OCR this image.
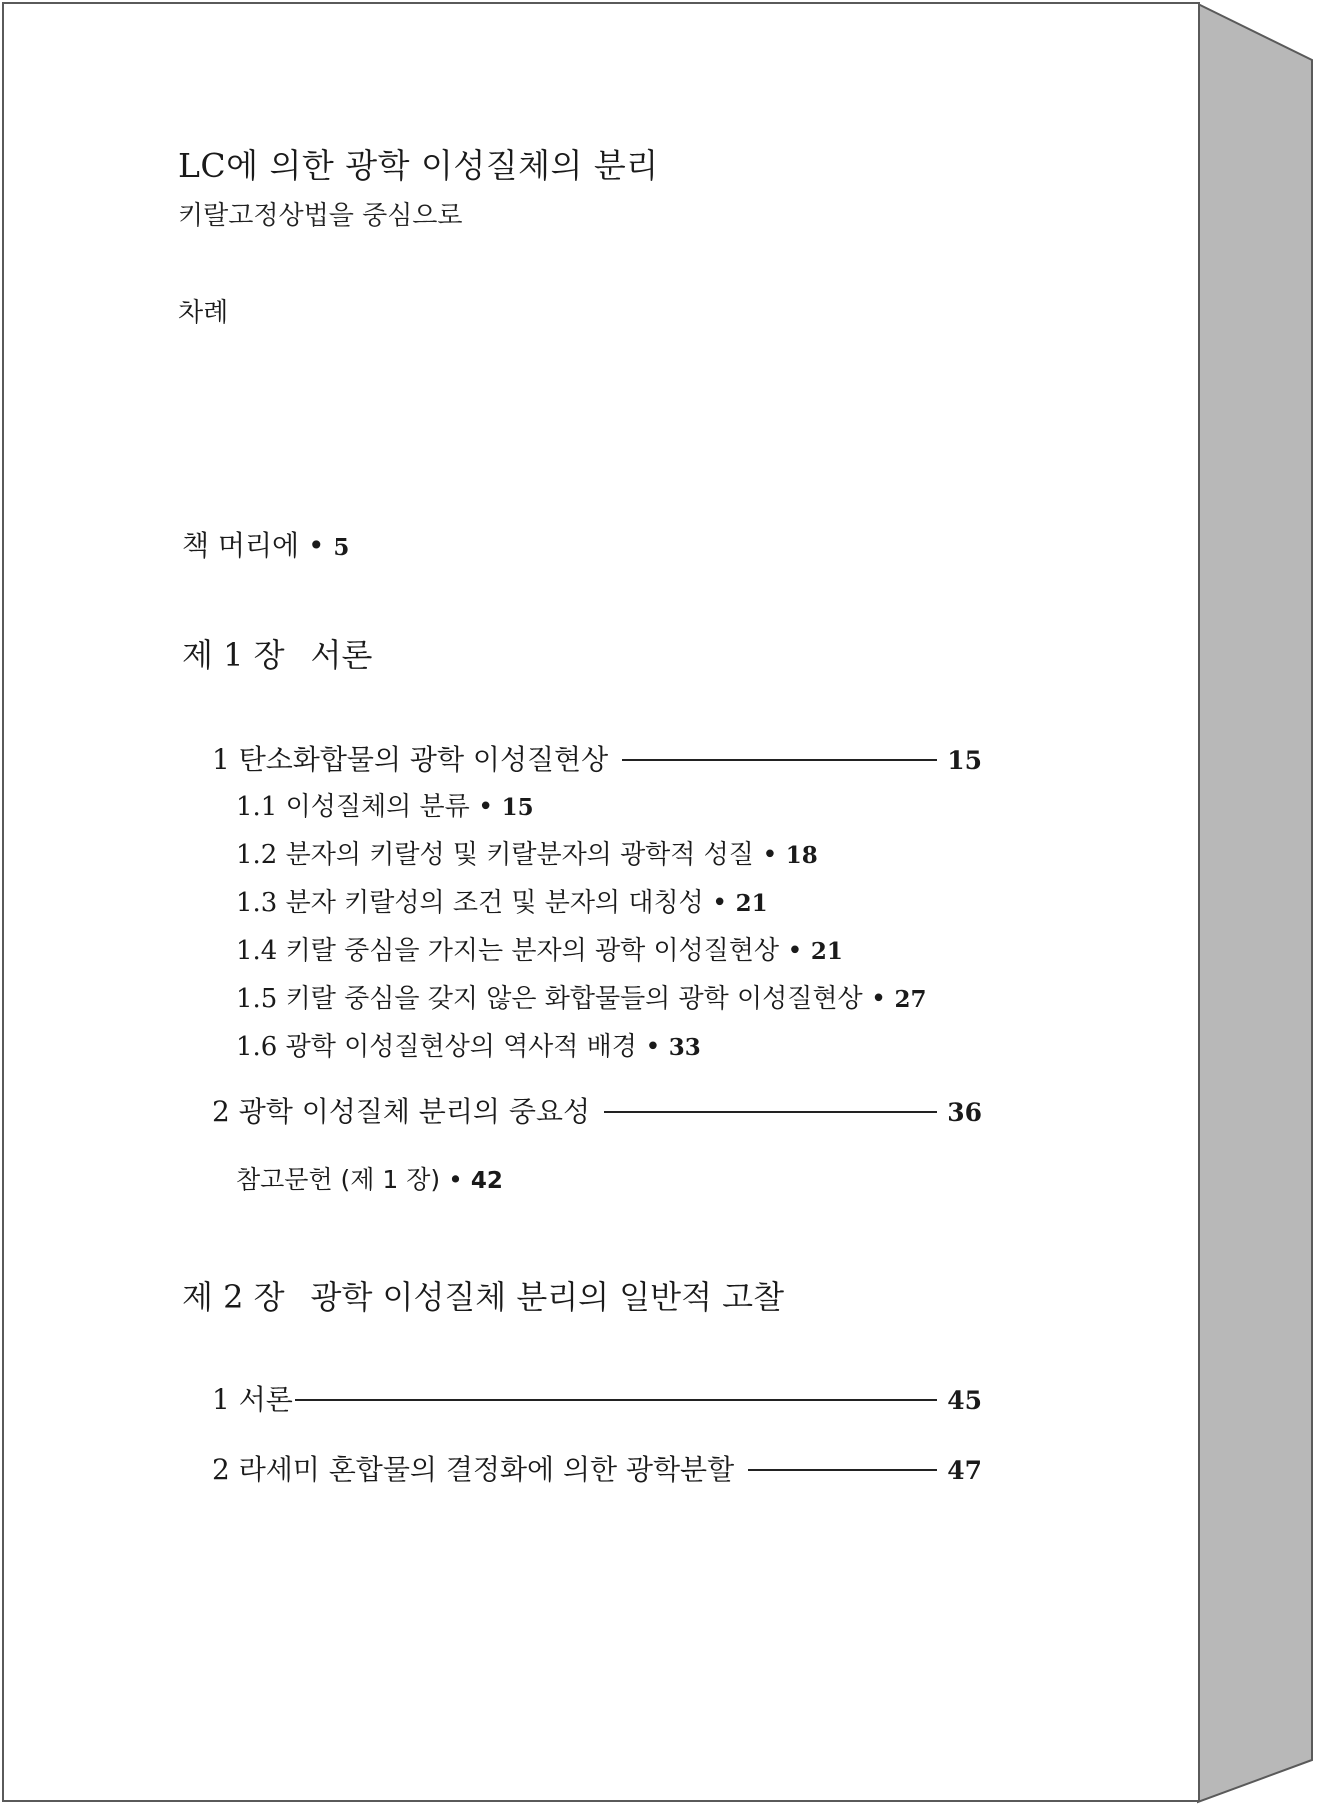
LC에 의한 광학 이성질체의 분리

키랄고정상법을 중심으로

차례

책 머리에 • 5

제 1 장 서론
1 탄소화합물의 광학 이성질현상	15
1.1 이성질체의 분류 • 15
1.2 분자의 키랄성 및 키랄분자의 광학적 성질 • 18
1.3 분자 키랄성의 조건 및 분자의 대칭성 • 21
1.4 키랄 중심을 가지는 분자의 광학 이성질현상 • 21
1.5 키랄 중심을 갖지 않은 화합물들의 광학 이성질현상 • 27
1.6 광학 이성질현상의 역사적 배경 • 33
2 광학 이성질체 분리의 중요성	36
참고문헌 (제 1 장) • 42
제 2 장 광학 이성질체 분리의 일반적 고찰
1 서론	45
2 라세미 혼합물의 결정화에 의한 광학분할	47
